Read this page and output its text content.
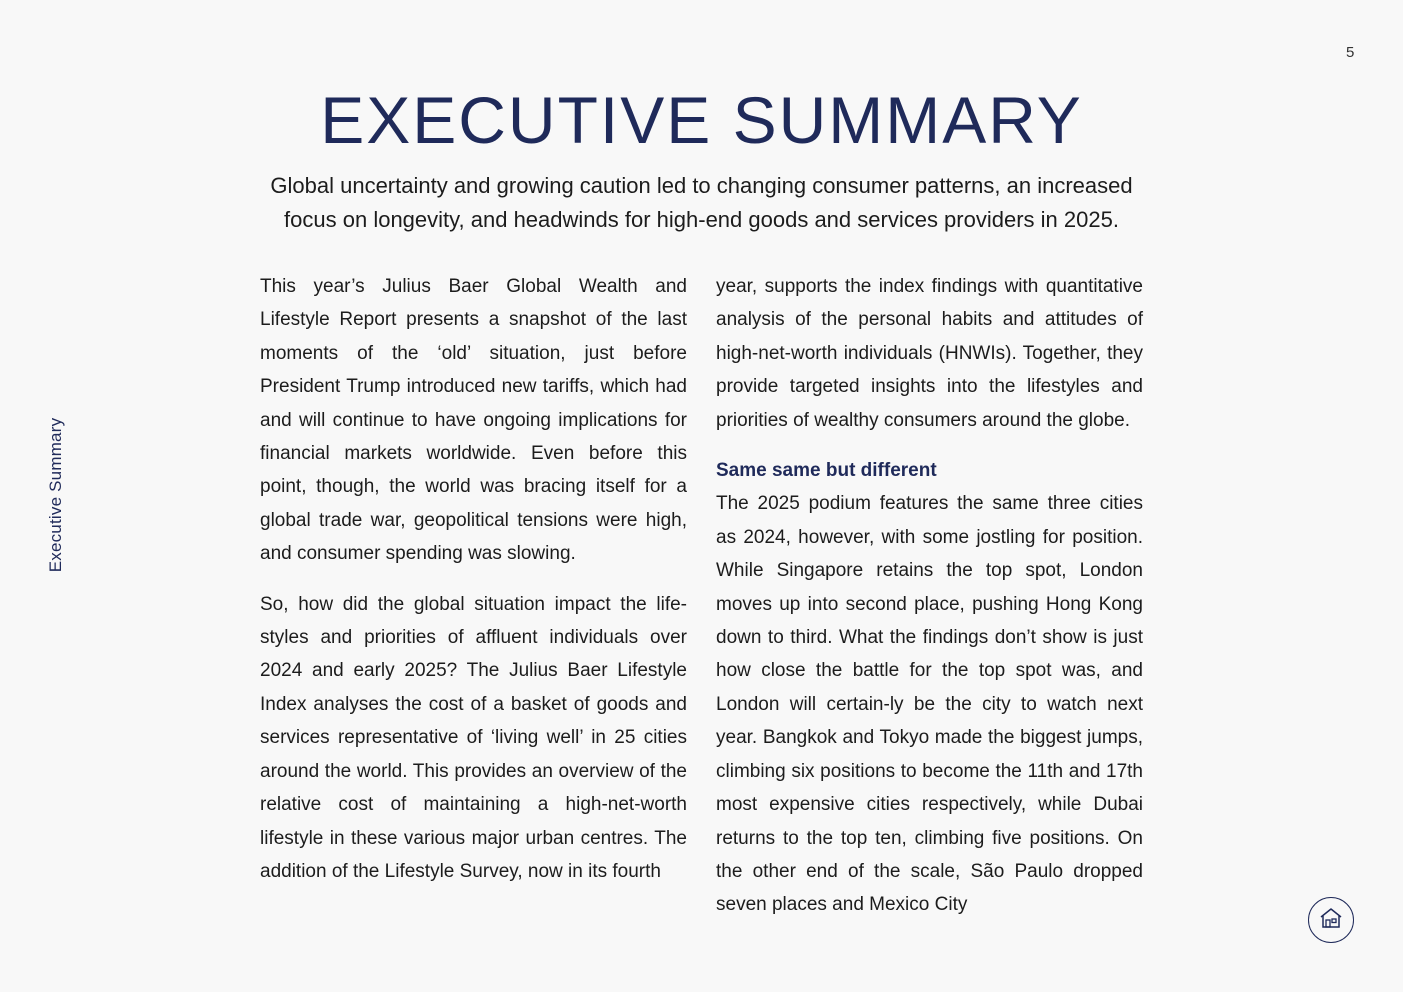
5
Executive Summary
EXECUTIVE SUMMARY

Global uncertainty and growing caution led to changing consumer patterns, an increased focus on longevity, and headwinds for high-end goods and services providers in 2025.

This year’s Julius Baer Global Wealth and Lifestyle Report presents a snapshot of the last moments of the ‘old’ situation, just before President Trump introduced new tariffs, which had and will continue to have ongoing implications for financial markets worldwide. Even before this point, though, the world was bracing itself for a global trade war, geopolitical tensions were high, and consumer spending was slowing.

So, how did the global situation impact the life-styles and priorities of affluent individuals over 2024 and early 2025? The Julius Baer Lifestyle Index analyses the cost of a basket of goods and services representative of ‘living well’ in 25 cities around the world. This provides an overview of the relative cost of maintaining a high-net-worth lifestyle in these various major urban centres. The addition of the Lifestyle Survey, now in its fourth

year, supports the index findings with quantitative analysis of the personal habits and attitudes of high-net-worth individuals (HNWIs). Together, they provide targeted insights into the lifestyles and priorities of wealthy consumers around the globe.

Same same but different

The 2025 podium features the same three cities as 2024, however, with some jostling for position. While Singapore retains the top spot, London moves up into second place, pushing Hong Kong down to third. What the findings don’t show is just how close the battle for the top spot was, and London will certain-ly be the city to watch next year. Bangkok and Tokyo made the biggest jumps, climbing six positions to become the 11th and 17th most expensive cities respectively, while Dubai returns to the top ten, climbing five positions. On the other end of the scale, São Paulo dropped seven places and Mexico City
